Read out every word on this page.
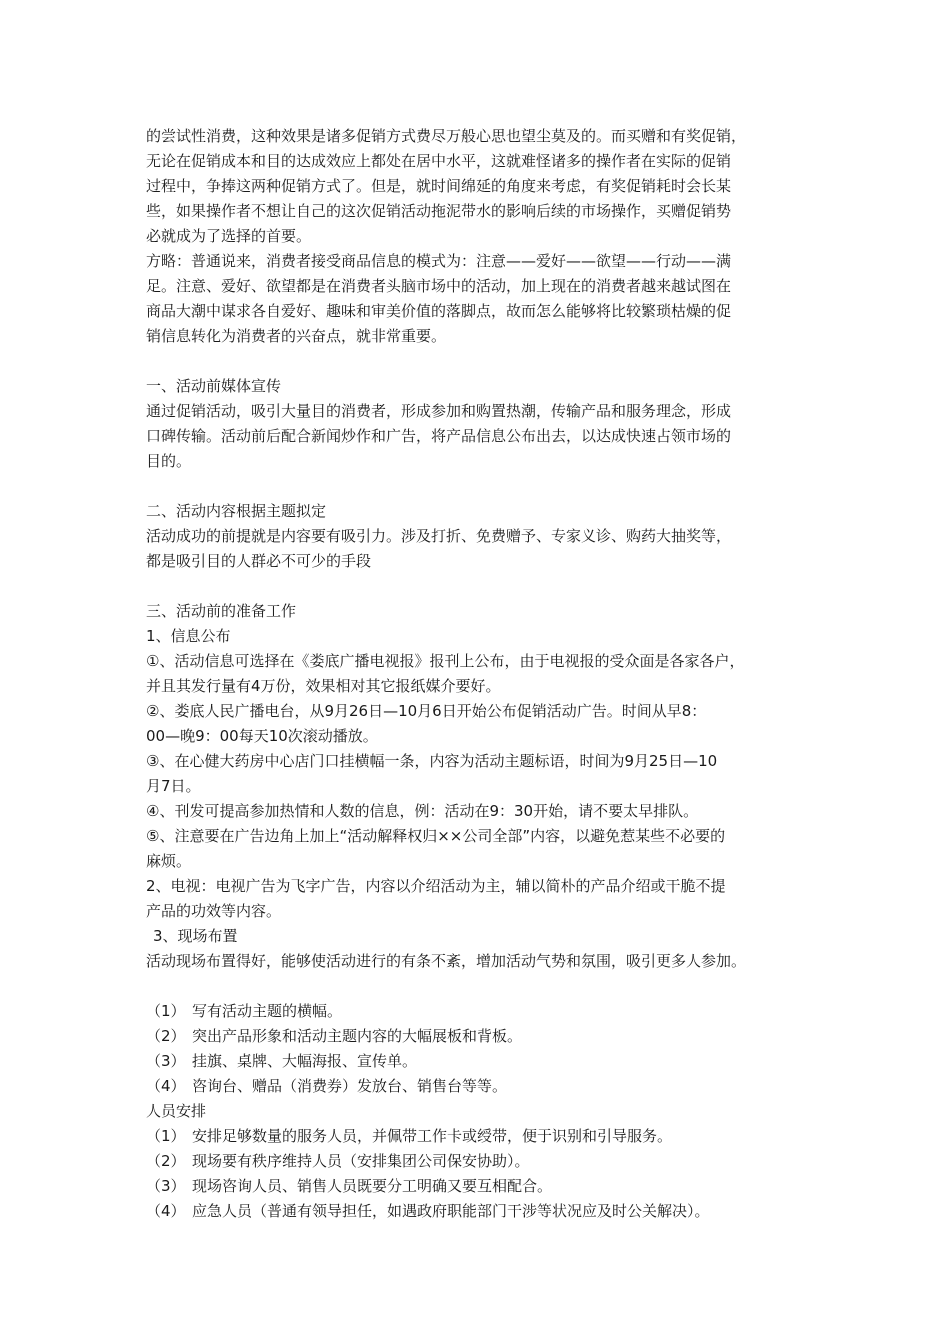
的尝试性消费，这种效果是诸多促销方式费尽万般心思也望尘莫及的。而买赠和有奖促销，
无论在促销成本和目的达成效应上都处在居中水平，这就难怪诸多的操作者在实际的促销
过程中，争捧这两种促销方式了。但是，就时间绵延的角度来考虑，有奖促销耗时会长某
些，如果操作者不想让自己的这次促销活动拖泥带水的影响后续的市场操作，买赠促销势
必就成为了选择的首要。
方略：普通说来，消费者接受商品信息的模式为：注意——爱好——欲望——行动——满
足。注意、爱好、欲望都是在消费者头脑市场中的活动，加上现在的消费者越来越试图在
商品大潮中谋求各自爱好、趣味和审美价值的落脚点，故而怎么能够将比较繁琐枯燥的促
销信息转化为消费者的兴奋点，就非常重要。
一、活动前媒体宣传
通过促销活动，吸引大量目的消费者，形成参加和购置热潮，传输产品和服务理念，形成
口碑传输。活动前后配合新闻炒作和广告，将产品信息公布出去，以达成快速占领市场的
目的。
二、活动内容根据主题拟定
活动成功的前提就是内容要有吸引力。涉及打折、免费赠予、专家义诊、购药大抽奖等，
都是吸引目的人群必不可少的手段
三、活动前的准备工作
1、信息公布
①、活动信息可选择在《娄底广播电视报》报刊上公布，由于电视报的受众面是各家各户，
并且其发行量有4万份，效果相对其它报纸媒介要好。
②、娄底人民广播电台，从9月26日—10月6日开始公布促销活动广告。时间从早8：
00—晚9：00每天10次滚动播放。
③、在心健大药房中心店门口挂横幅一条，内容为活动主题标语，时间为9月25日—10
月7日。
④、刊发可提高参加热情和人数的信息，例：活动在9：30开始，请不要太早排队。
⑤、注意要在广告边角上加上“活动解释权归××公司全部”内容，以避免惹某些不必要的
麻烦。
2、电视：电视广告为飞字广告，内容以介绍活动为主，辅以简朴的产品介绍或干脆不提
产品的功效等内容。
3、现场布置
活动现场布置得好，能够使活动进行的有条不紊，增加活动气势和氛围，吸引更多人参加。
（1） 写有活动主题的横幅。
（2） 突出产品形象和活动主题内容的大幅展板和背板。
（3） 挂旗、桌牌、大幅海报、宣传单。
（4） 咨询台、赠品（消费券）发放台、销售台等等。
人员安排
（1） 安排足够数量的服务人员，并佩带工作卡或绶带，便于识别和引导服务。
（2） 现场要有秩序维持人员（安排集团公司保安协助）。
（3） 现场咨询人员、销售人员既要分工明确又要互相配合。
（4） 应急人员（普通有领导担任，如遇政府职能部门干涉等状况应及时公关解决）。
